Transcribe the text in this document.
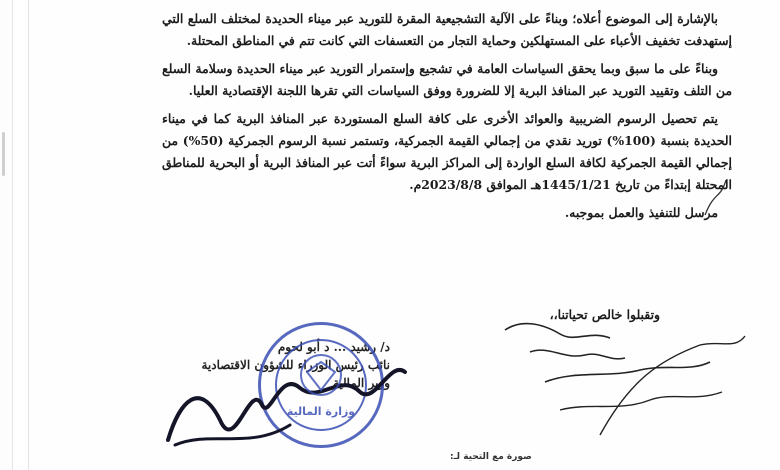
بالإشارة إلى الموضوع أعلاه؛ وبناءً على الآلية التشجيعية المقرة للتوريد عبر ميناء الحديدة لمختلف السلع التي إستهدفت تخفيف الأعباء على المستهلكين وحماية التجار من التعسفات التي كانت تتم في المناطق المحتلة.

وبناءً على ما سبق وبما يحقق السياسات العامة في تشجيع وإستمرار التوريد عبر ميناء الحديدة وسلامة السلع من التلف وتقييد التوريد عبر المنافذ البرية إلا للضرورة ووفق السياسات التي تقرها اللجنة الإقتصادية العليا.

يتم تحصيل الرسوم الضريبية والعوائد الأخرى على كافة السلع المستوردة عبر المنافذ البرية كما في ميناء الحديدة بنسبة (100%) توريد نقدي من إجمالي القيمة الجمركية، وتستمر نسبة الرسوم الجمركية (50%) من إجمالي القيمة الجمركية لكافة السلع الواردة إلى المراكز البرية سواءً أتت عبر المنافذ البرية أو البحرية للمناطق المحتلة إبتداءً من تاريخ 1445/1/21هـ الموافق 2023/8/8م.

مرسل للتنفيذ والعمل بموجبه.

وتقبلوا خالص تحياتنا،،
د/ رشيد ... د أبو لحوم
نائب رئيس الوزراء للشؤون الاقتصادية
وزير المالية
وزارة المالية
صورة مع التحية لـ:
